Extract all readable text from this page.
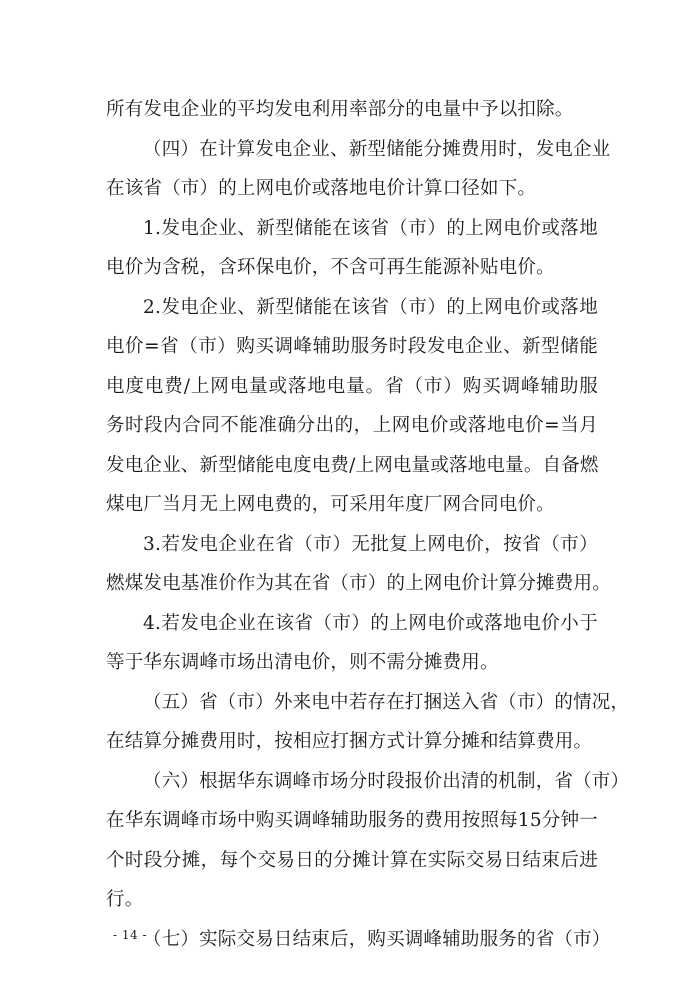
所有发电企业的平均发电利用率部分的电量中予以扣除。
（四）在计算发电企业、新型储能分摊费用时，发电企业
在该省（市）的上网电价或落地电价计算口径如下。
1.发电企业、新型储能在该省（市）的上网电价或落地
电价为含税，含环保电价，不含可再生能源补贴电价。
2.发电企业、新型储能在该省（市）的上网电价或落地
电价=省（市）购买调峰辅助服务时段发电企业、新型储能
电度电费/上网电量或落地电量。省（市）购买调峰辅助服
务时段内合同不能准确分出的，上网电价或落地电价=当月
发电企业、新型储能电度电费/上网电量或落地电量。自备燃
煤电厂当月无上网电费的，可采用年度厂网合同电价。
3.若发电企业在省（市）无批复上网电价，按省（市）
燃煤发电基准价作为其在省（市）的上网电价计算分摊费用。
4.若发电企业在该省（市）的上网电价或落地电价小于
等于华东调峰市场出清电价，则不需分摊费用。
（五）省（市）外来电中若存在打捆送入省（市）的情况，
在结算分摊费用时，按相应打捆方式计算分摊和结算费用。
（六）根据华东调峰市场分时段报价出清的机制，省（市）
在华东调峰市场中购买调峰辅助服务的费用按照每15分钟一
个时段分摊，每个交易日的分摊计算在实际交易日结束后进
行。
（七）实际交易日结束后，购买调峰辅助服务的省（市）
- 14 -
